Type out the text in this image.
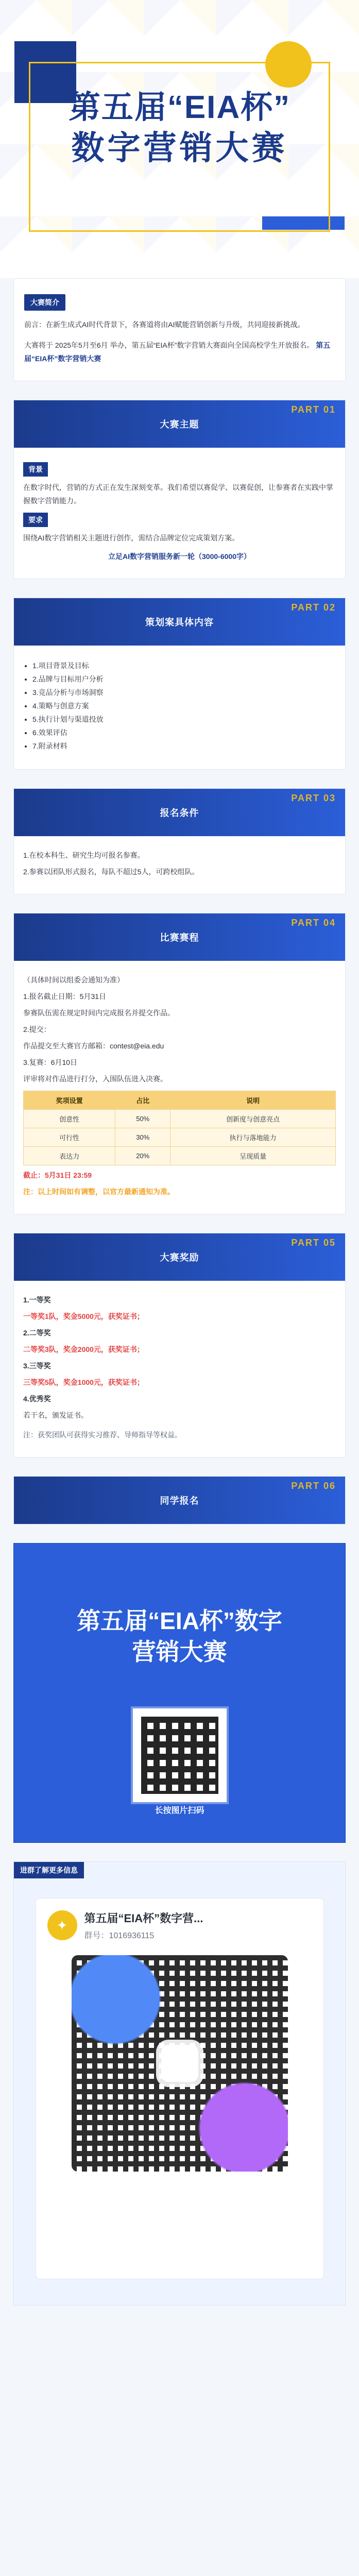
第五届“EIA杯”
数字营销大赛
大赛简介

前言：在新生成式AI时代背景下，各赛道将由AI赋能营销创新与升级，共同迎接新挑战。

大赛将于 2025年5月至6月 举办，第五届“EIA杯”数字营销大赛面向全国高校学生开放报名。 第五届“EIA杯”数字营销大赛

大赛主题
PART 01
背景
在数字时代，营销的方式正在发生深刻变革。我们希望以赛促学、以赛促创，让参赛者在实践中掌握数字营销能力。
要求
围绕AI数字营销相关主题进行创作，需结合品牌定位完成策划方案。
立足AI数字营销服务新一轮（3000-6000字）
策划案具体内容
PART 02
• 1.项目背景及目标
• 2.品牌与目标用户分析
• 3.竞品分析与市场洞察
• 4.策略与创意方案
• 5.执行计划与渠道投放
• 6.效果评估
• 7.附录材料
报名条件
PART 03
1.在校本科生、研究生均可报名参赛。
2.参赛以团队形式报名，每队不超过5人，可跨校组队。
比赛赛程
PART 04
（具体时间以组委会通知为准）
1.报名截止日期：5月31日
参赛队伍需在规定时间内完成报名并提交作品。
2.提交：
作品提交至大赛官方邮箱：contest@eia.edu
3.复赛：6月10日
评审将对作品进行打分，入围队伍进入决赛。
奖项设置	占比	说明
创意性	50%	创新度与创意亮点
可行性	30%	执行与落地能力
表达力	20%	呈现质量
截止：5月31日 23:59
注：以上时间如有调整，以官方最新通知为准。
大赛奖励
PART 05
1.一等奖
一等奖1队，奖金5000元，获奖证书；
2.二等奖
二等奖3队，奖金2000元，获奖证书；
3.三等奖
三等奖5队，奖金1000元，获奖证书；
4.优秀奖
若干名，颁发证书。
注：获奖团队可获得实习推荐、导师指导等权益。
同学报名
PART 06
第五届“EIA杯”数字
营销大赛
长按图片扫码
进群了解更多信息
✦	第五届“EIA杯”数字营...
群号：1016936115
